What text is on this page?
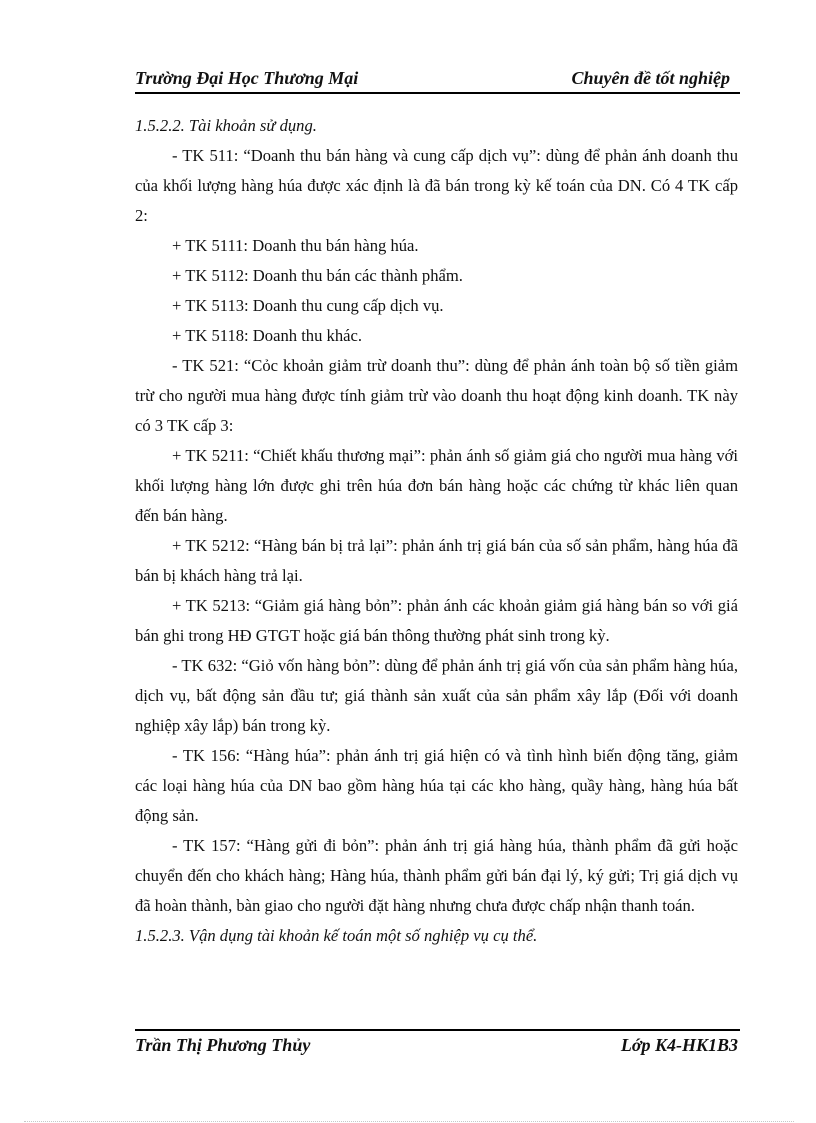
Trường Đại Học Thương Mại	Chuyên đề tốt nghiệp

1.5.2.2. Tài khoản sử dụng.

- TK 511: “Doanh thu bán hàng và cung cấp dịch vụ”: dùng để phản ánh doanh thu của khối lượng hàng húa được xác định là đã bán trong kỳ kế toán của DN. Có 4 TK cấp 2:

+ TK 5111: Doanh thu bán hàng húa.

+ TK 5112: Doanh thu bán các thành phẩm.

+ TK 5113: Doanh thu cung cấp dịch vụ.

+ TK 5118: Doanh thu khác.

- TK 521: “Cỏc khoản giảm trừ doanh thu”: dùng để phản ánh toàn bộ số tiền giảm trừ cho người mua hàng được tính giảm trừ vào doanh thu hoạt động kinh doanh. TK này có 3 TK cấp 3:

+ TK 5211: “Chiết khấu thương mại”: phản ánh số giảm giá cho người mua hàng với khối lượng hàng lớn được ghi trên húa đơn bán hàng hoặc các chứng từ khác liên quan đến bán hàng.

+ TK 5212: “Hàng bán bị trả lại”: phản ánh trị giá bán của số sản phẩm, hàng húa đã bán bị khách hàng trả lại.

+ TK 5213: “Giảm giá hàng bỏn”: phản ánh các khoản giảm giá hàng bán so với giá bán ghi trong HĐ GTGT hoặc giá bán thông thường phát sinh trong kỳ.

- TK 632: “Giỏ vốn hàng bỏn”: dùng để phản ánh trị giá vốn của sản phẩm hàng húa, dịch vụ, bất động sản đầu tư; giá thành sản xuất của sản phẩm xây lắp (Đối với doanh nghiệp xây lắp) bán trong kỳ.

- TK 156: “Hàng húa”: phản ánh trị giá hiện có và tình hình biến động tăng, giảm các loại hàng húa của DN bao gồm hàng húa tại các kho hàng, quầy hàng, hàng húa bất động sản.

- TK 157: “Hàng gửi đi bỏn”: phản ánh trị giá hàng húa, thành phẩm đã gửi hoặc chuyển đến cho khách hàng; Hàng húa, thành phẩm gửi bán đại lý, ký gửi; Trị giá dịch vụ đã hoàn thành, bàn giao cho người đặt hàng nhưng chưa được chấp nhận thanh toán.

1.5.2.3. Vận dụng tài khoản kế toán một số nghiệp vụ cụ thể.

Trần Thị Phương Thủy	Lớp K4-HK1B3
